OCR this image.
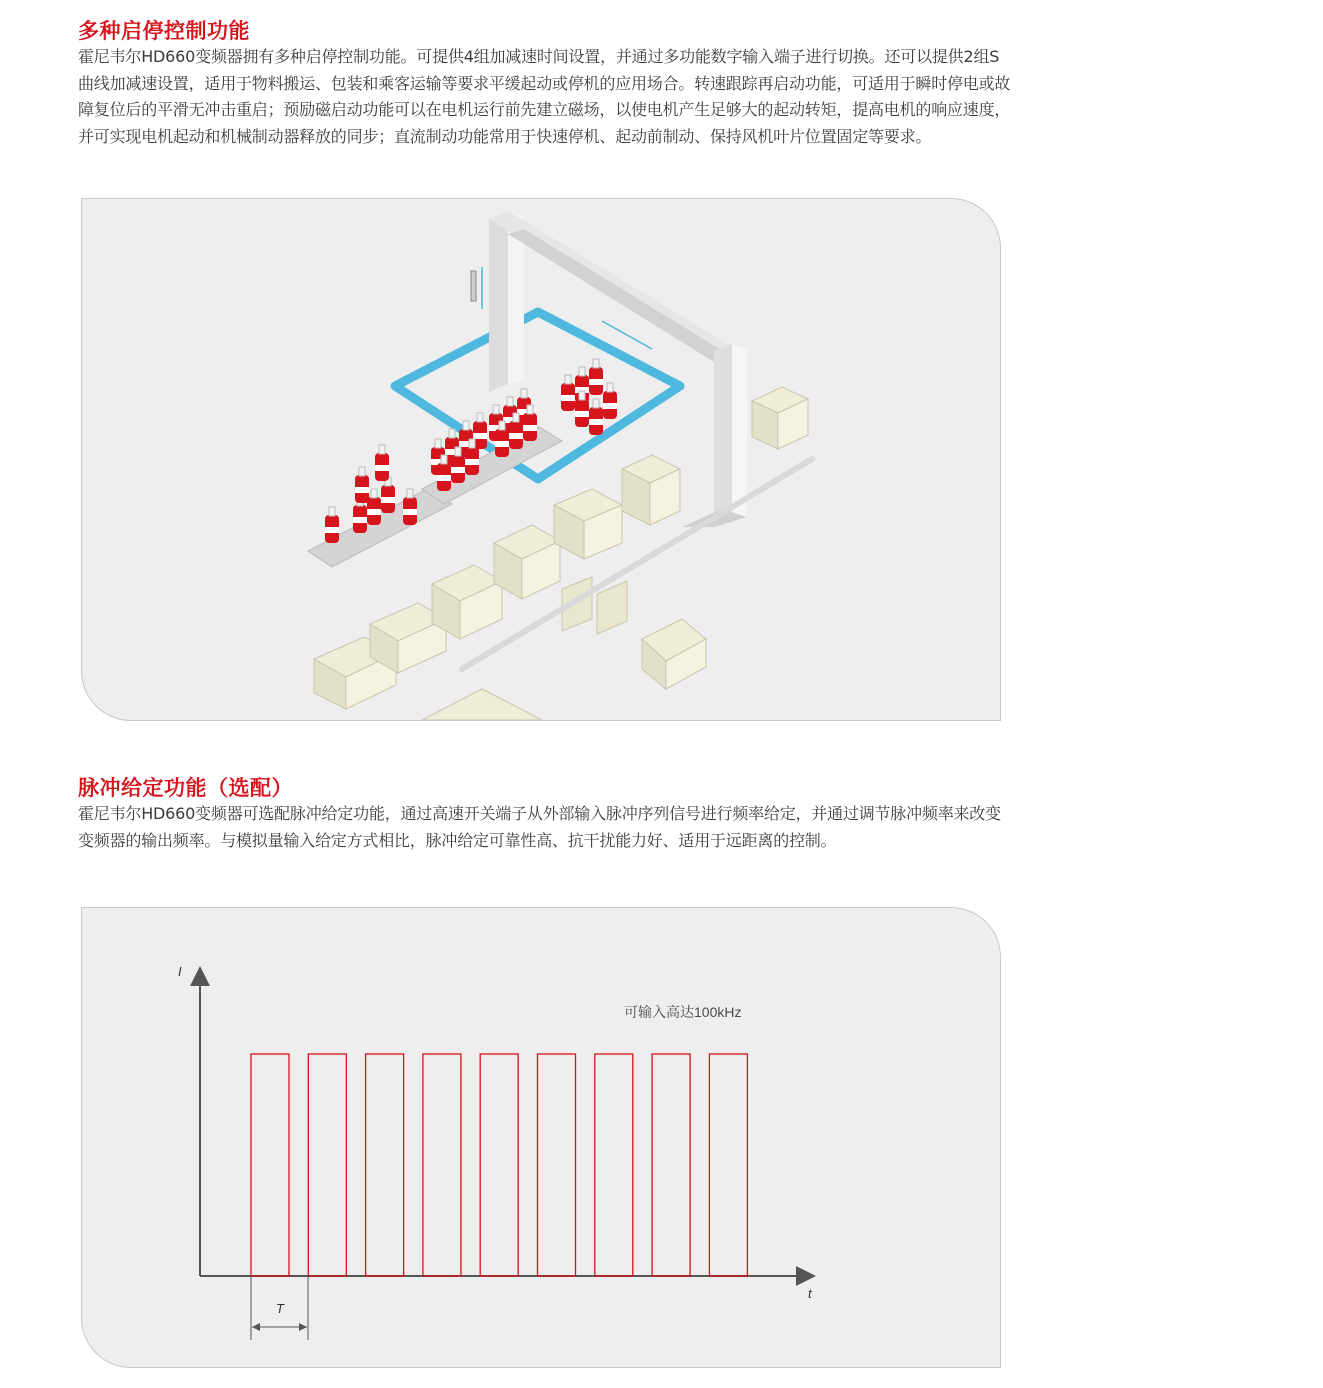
多种启停控制功能

霍尼韦尔HD660变频器拥有多种启停控制功能。可提供4组加减速时间设置，并通过多功能数字输入端子进行切换。还可以提供2组S曲线加减速设置，适用于物料搬运、包装和乘客运输等要求平缓起动或停机的应用场合。转速跟踪再启动功能，可适用于瞬时停电或故障复位后的平滑无冲击重启；预励磁启动功能可以在电机运行前先建立磁场，以使电机产生足够大的起动转矩，提高电机的响应速度，并可实现电机起动和机械制动器释放的同步；直流制动功能常用于快速停机、起动前制动、保持风机叶片位置固定等要求。

脉冲给定功能（选配）

霍尼韦尔HD660变频器可选配脉冲给定功能，通过高速开关端子从外部输入脉冲序列信号进行频率给定，并通过调节脉冲频率来改变变频器的输出频率。与模拟量输入给定方式相比，脉冲给定可靠性高、抗干扰能力好、适用于远距离的控制。

I
t
可输入高达100kHz
T
